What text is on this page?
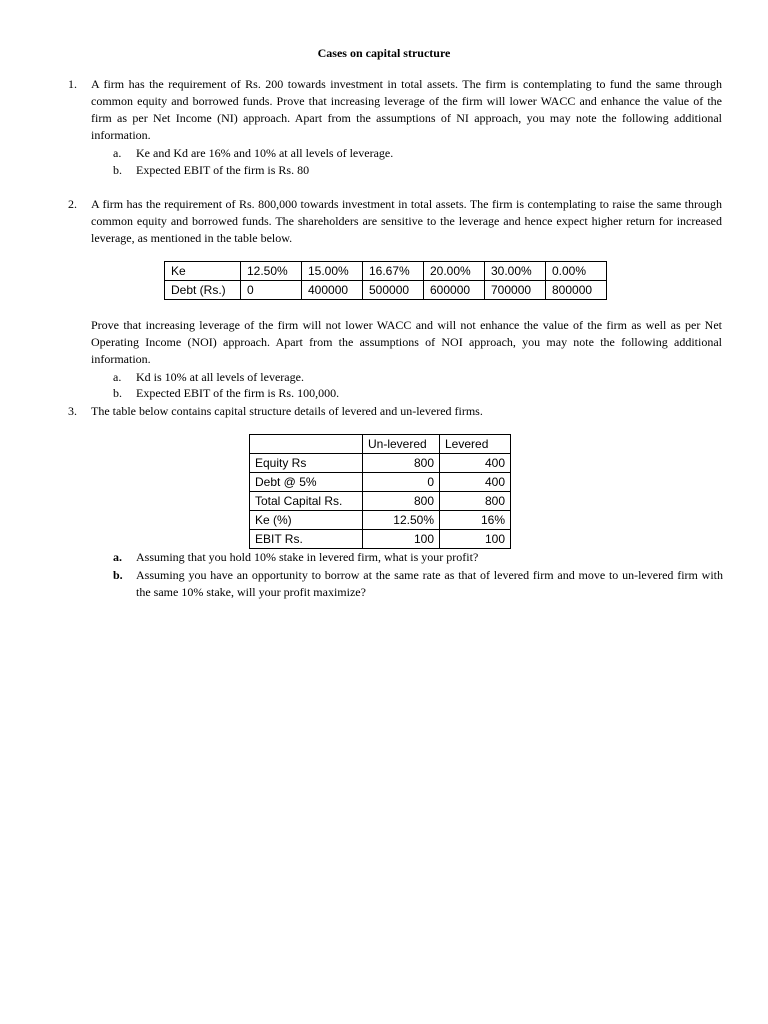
Cases on capital structure
1. A firm has the requirement of Rs. 200 towards investment in total assets. The firm is contemplating to fund the same through common equity and borrowed funds. Prove that increasing leverage of the firm will lower WACC and enhance the value of the firm as per Net Income (NI) approach. Apart from the assumptions of NI approach, you may note the following additional information.
a. Ke and Kd are 16% and 10% at all levels of leverage.
b. Expected EBIT of the firm is Rs. 80
2. A firm has the requirement of Rs. 800,000 towards investment in total assets. The firm is contemplating to raise the same through common equity and borrowed funds. The shareholders are sensitive to the leverage and hence expect higher return for increased leverage, as mentioned in the table below.
Ke	12.50%	15.00%	16.67%	20.00%	30.00%	0.00%
Debt (Rs.)	0	400000	500000	600000	700000	800000
Prove that increasing leverage of the firm will not lower WACC and will not enhance the value of the firm as well as per Net Operating Income (NOI) approach. Apart from the assumptions of NOI approach, you may note the following additional information.
a. Kd is 10% at all levels of leverage.
b. Expected EBIT of the firm is Rs. 100,000.
3. The table below contains capital structure details of levered and un-levered firms.
	Un-levered	Levered
Equity Rs	800	400
Debt @ 5%	0	400
Total Capital Rs.	800	800
Ke (%)	12.50%	16%
EBIT Rs.	100	100
a. Assuming that you hold 10% stake in levered firm, what is your profit?
b. Assuming you have an opportunity to borrow at the same rate as that of levered firm and move to un-levered firm with the same 10% stake, will your profit maximize?
